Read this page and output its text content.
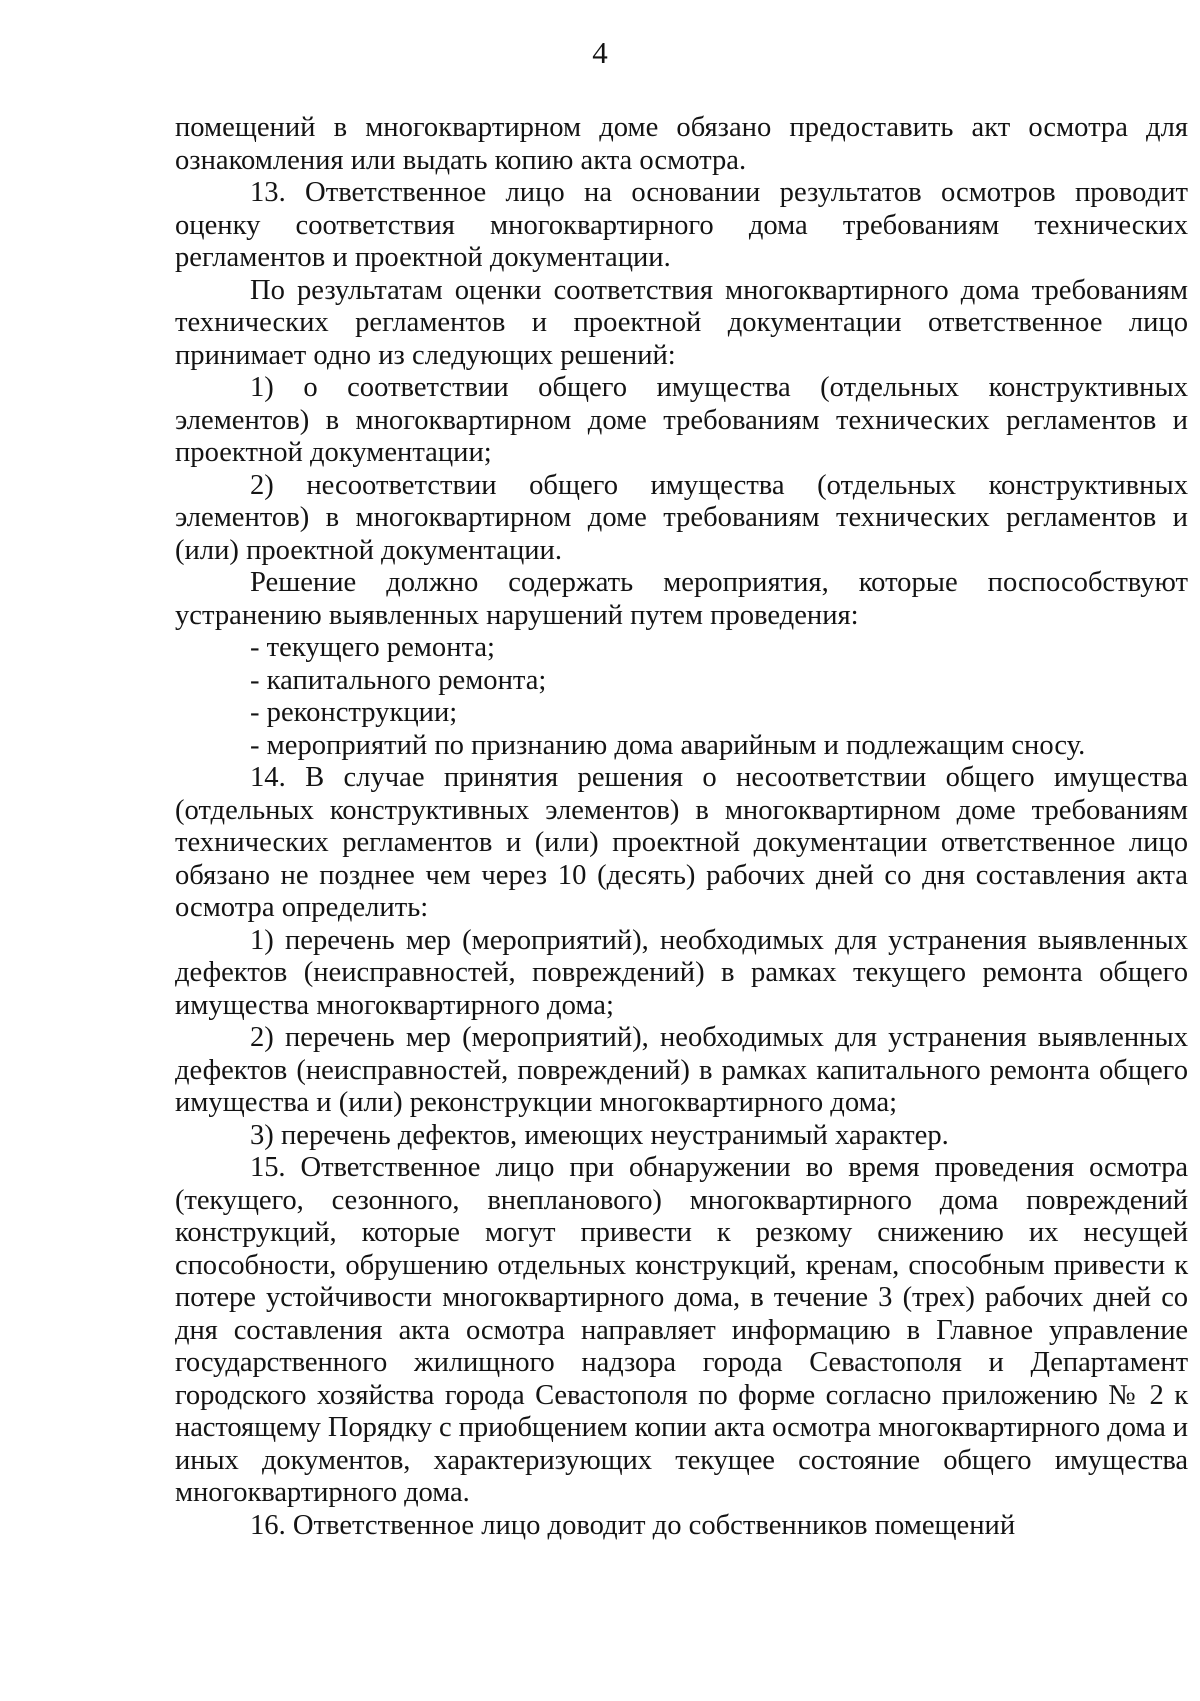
4

помещений в многоквартирном доме обязано предоставить акт осмотра для ознакомления или выдать копию акта осмотра.

13. Ответственное лицо на основании результатов осмотров проводит оценку соответствия многоквартирного дома требованиям технических регламентов и проектной документации.

По результатам оценки соответствия многоквартирного дома требованиям технических регламентов и проектной документации ответственное лицо принимает одно из следующих решений:

1) о соответствии общего имущества (отдельных конструктивных элементов) в многоквартирном доме требованиям технических регламентов и проектной документации;

2) несоответствии общего имущества (отдельных конструктивных элементов) в многоквартирном доме требованиям технических регламентов и (или) проектной документации.

Решение должно содержать мероприятия, которые поспособствуют устранению выявленных нарушений путем проведения:

- текущего ремонта;

- капитального ремонта;

- реконструкции;

- мероприятий по признанию дома аварийным и подлежащим сносу.

14. В случае принятия решения о несоответствии общего имущества (отдельных конструктивных элементов) в многоквартирном доме требованиям технических регламентов и (или) проектной документации ответственное лицо обязано не позднее чем через 10 (десять) рабочих дней со дня составления акта осмотра определить:

1) перечень мер (мероприятий), необходимых для устранения выявленных дефектов (неисправностей, повреждений) в рамках текущего ремонта общего имущества многоквартирного дома;

2) перечень мер (мероприятий), необходимых для устранения выявленных дефектов (неисправностей, повреждений) в рамках капитального ремонта общего имущества и (или) реконструкции многоквартирного дома;

3) перечень дефектов, имеющих неустранимый характер.

15. Ответственное лицо при обнаружении во время проведения осмотра (текущего, сезонного, внепланового) многоквартирного дома повреждений конструкций, которые могут привести к резкому снижению их несущей способности, обрушению отдельных конструкций, кренам, способным привести к потере устойчивости многоквартирного дома, в течение 3 (трех) рабочих дней со дня составления акта осмотра направляет информацию в Главное управление государственного жилищного надзора города Севастополя и Департамент городского хозяйства города Севастополя по форме согласно приложению № 2 к настоящему Порядку с приобщением копии акта осмотра многоквартирного дома и иных документов, характеризующих текущее состояние общего имущества многоквартирного дома.

16. Ответственное лицо доводит до собственников помещений
